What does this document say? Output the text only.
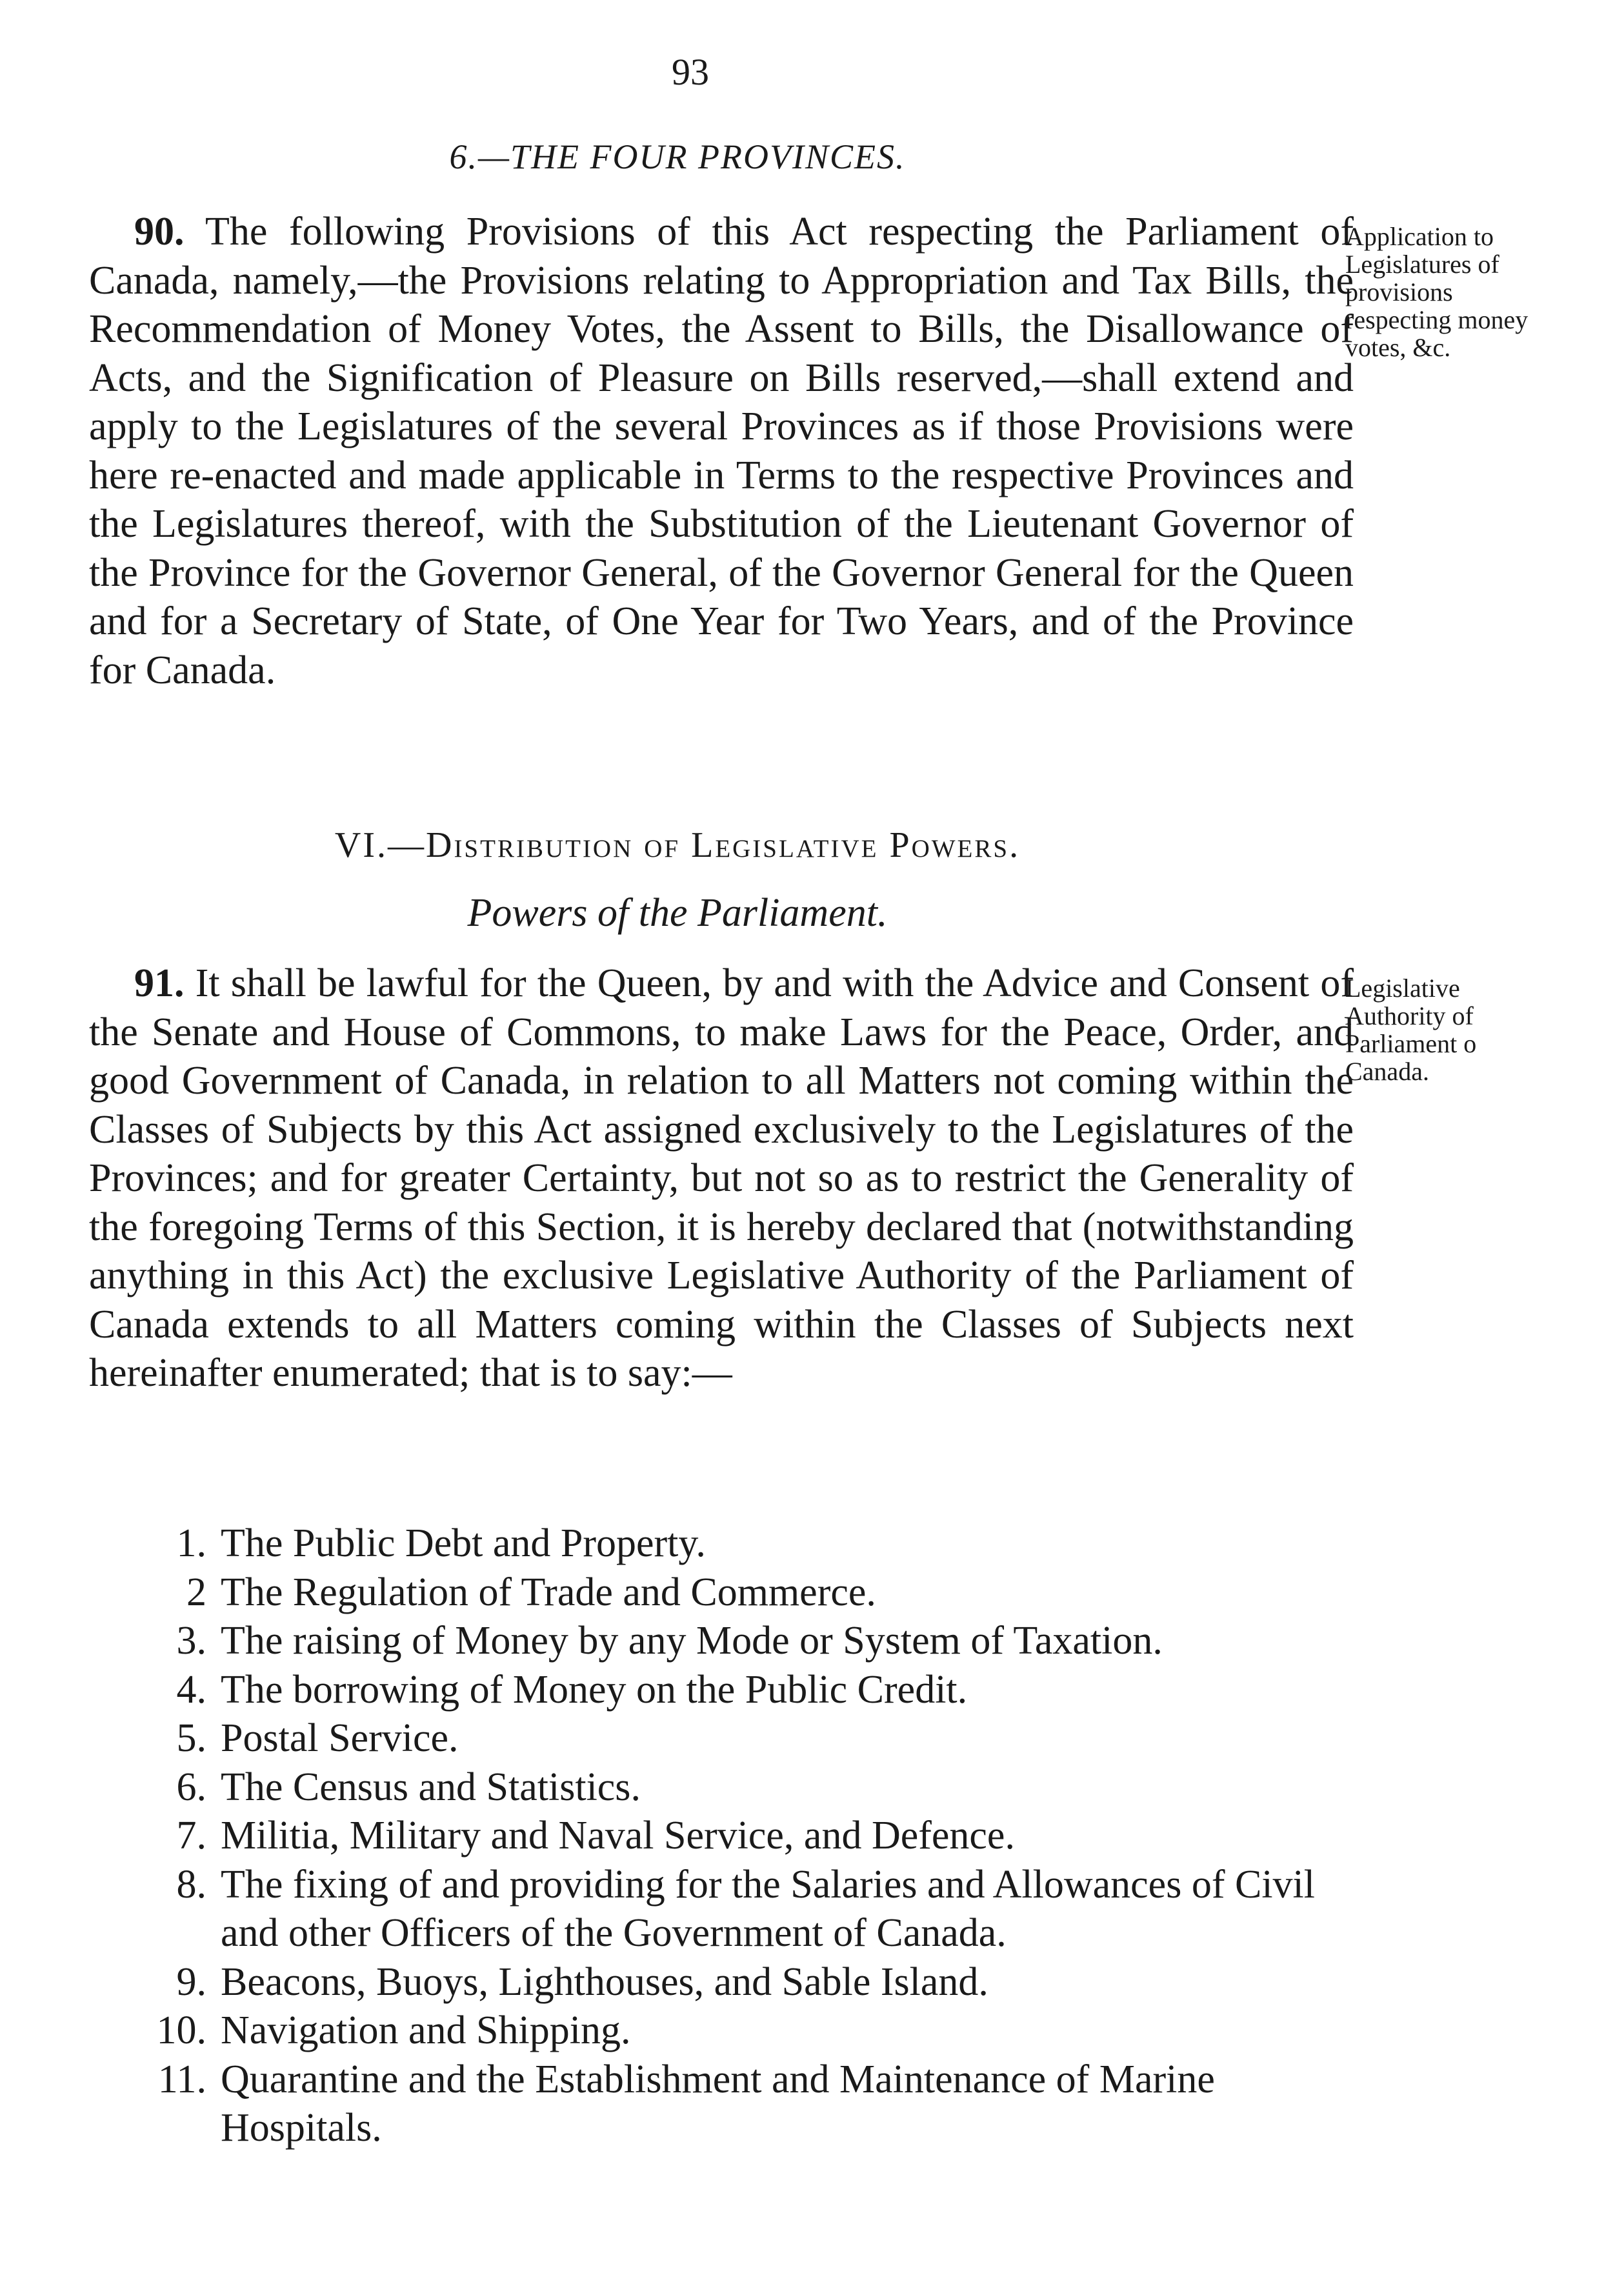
93
6.—THE FOUR PROVINCES.

90. The following Provisions of this Act respecting the Parliament of Canada, namely,—the Provisions relating to Appropriation and Tax Bills, the Recommendation of Money Votes, the Assent to Bills, the Disallowance of Acts, and the Signification of Pleasure on Bills reserved,—shall extend and apply to the Legislatures of the several Provinces as if those Provisions were here re-enacted and made applicable in Terms to the respective Provinces and the Legislatures thereof, with the Substitution of the Lieutenant Governor of the Province for the Governor General, of the Governor General for the Queen and for a Secretary of State, of One Year for Two Years, and of the Province for Canada.

Application to Legislatures of provisions respecting money votes, &c.
VI.—Distribution of Legislative Powers.
Powers of the Parliament.

91. It shall be lawful for the Queen, by and with the Advice and Consent of the Senate and House of Commons, to make Laws for the Peace, Order, and good Government of Canada, in relation to all Matters not coming within the Classes of Subjects by this Act assigned exclusively to the Legislatures of the Provinces; and for greater Certainty, but not so as to restrict the Generality of the foregoing Terms of this Section, it is hereby declared that (notwithstanding anything in this Act) the exclusive Legislative Authority of the Parliament of Canada extends to all Matters coming within the Classes of Subjects next hereinafter enumerated; that is to say:—

Legislative Authority of Parliament o Canada.
1. The Public Debt and Property.
2 The Regulation of Trade and Commerce.
3. The raising of Money by any Mode or System of Taxation.
4. The borrowing of Money on the Public Credit.
5. Postal Service.
6. The Census and Statistics.
7. Militia, Military and Naval Service, and Defence.
8. The fixing of and providing for the Salaries and Allowances of Civil and other Officers of the Government of Canada.
9. Beacons, Buoys, Lighthouses, and Sable Island.
10. Navigation and Shipping.
11. Quarantine and the Establishment and Maintenance of Marine Hospitals.
